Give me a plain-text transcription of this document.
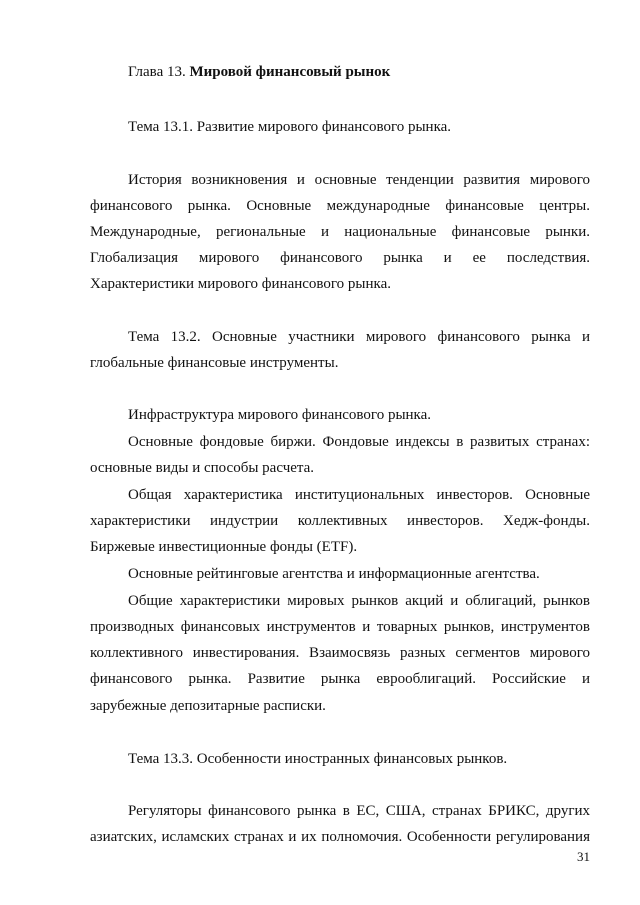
Глава 13. Мировой финансовый рынок
Тема 13.1. Развитие мирового финансового рынка.
История возникновения и основные тенденции развития мирового
финансового рынка. Основные международные финансовые центры.
Международные, региональные и национальные финансовые рынки.
Глобализация мирового финансового рынка и ее последствия.
Характеристики мирового финансового рынка.
Тема 13.2. Основные участники мирового финансового рынка и
глобальные финансовые инструменты.
Инфраструктура мирового финансового рынка.
Основные фондовые биржи. Фондовые индексы в развитых странах:
основные виды и способы расчета.
Общая характеристика институциональных инвесторов. Основные
характеристики индустрии коллективных инвесторов. Хедж-фонды.
Биржевые инвестиционные фонды (ETF).
Основные рейтинговые агентства и информационные агентства.
Общие характеристики мировых рынков акций и облигаций, рынков
производных финансовых инструментов и товарных рынков, инструментов
коллективного инвестирования. Взаимосвязь разных сегментов мирового
финансового рынка. Развитие рынка еврооблигаций. Российские и
зарубежные депозитарные расписки.
Тема 13.3. Особенности иностранных финансовых рынков.
Регуляторы финансового рынка в ЕС, США, странах БРИКС, других
азиатских, исламских странах и их полномочия. Особенности регулирования
31
